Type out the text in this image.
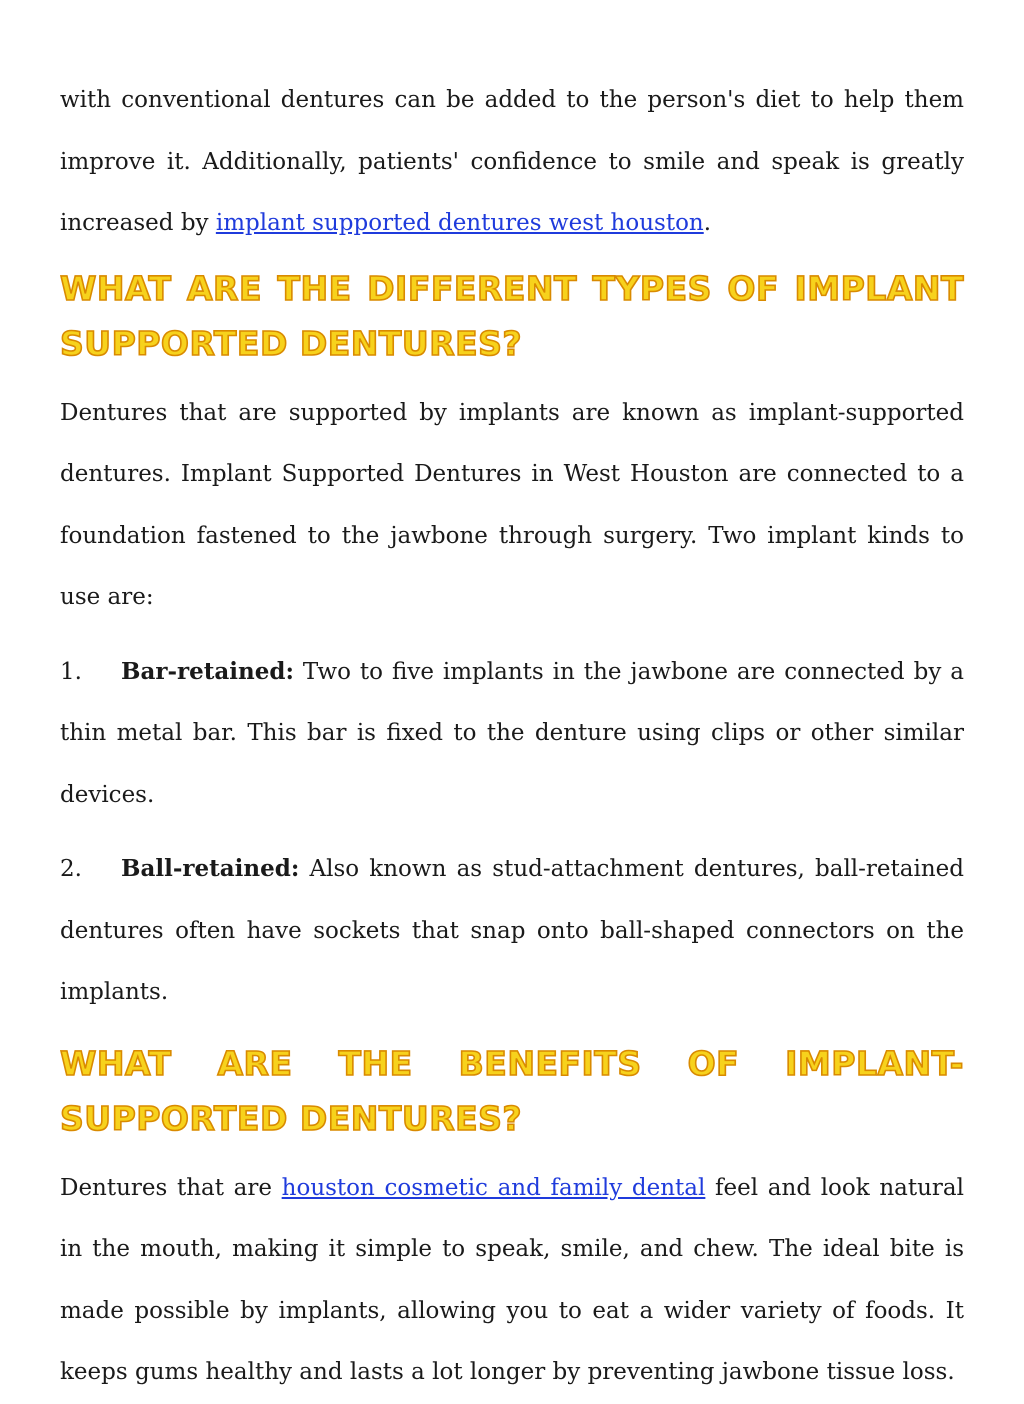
with conventional dentures can be added to the person's diet to help them improve it. Additionally, patients' confidence to smile and speak is greatly increased by implant supported dentures west houston.

WHAT ARE THE DIFFERENT TYPES OF IMPLANT SUPPORTED DENTURES?

Dentures that are supported by implants are known as implant-supported dentures. Implant Supported Dentures in West Houston are connected to a foundation fastened to the jawbone through surgery. Two implant kinds to use are:

1. Bar-retained: Two to five implants in the jawbone are connected by a thin metal bar. This bar is fixed to the denture using clips or other similar devices.

2. Ball-retained: Also known as stud-attachment dentures, ball-retained dentures often have sockets that snap onto ball-shaped connectors on the implants.

WHAT ARE THE BENEFITS OF IMPLANT-SUPPORTED DENTURES?

Dentures that are houston cosmetic and family dental feel and look natural in the mouth, making it simple to speak, smile, and chew. The ideal bite is made possible by implants, allowing you to eat a wider variety of foods. It keeps gums healthy and lasts a lot longer by preventing jawbone tissue loss.
